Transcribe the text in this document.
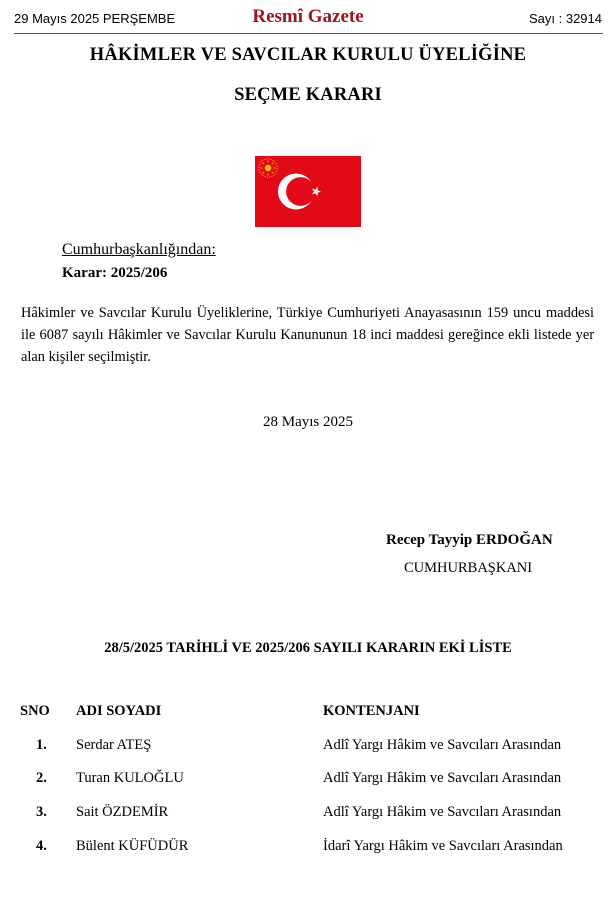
29 Mayıs 2025 PERŞEMBE	Resmî Gazete	Sayı : 32914
HÂKİMLER VE SAVCILAR KURULU ÜYELİĞİNE
SEÇME KARARI
Cumhurbaşkanlığından:
Karar: 2025/206
Hâkimler ve Savcılar Kurulu Üyeliklerine, Türkiye Cumhuriyeti Anayasasının 159 uncu maddesi ile 6087 sayılı Hâkimler ve Savcılar Kurulu Kanununun 18 inci maddesi gereğince ekli listede yer alan kişiler seçilmiştir.
28 Mayıs 2025
Recep Tayyip ERDOĞAN
CUMHURBAŞKANI
28/5/2025 TARİHLİ VE 2025/206 SAYILI KARARIN EKİ LİSTE
SNO ADI SOYADI	KONTENJANI
1. Serdar ATEŞ	Adlî Yargı Hâkim ve Savcıları Arasından
2. Turan KULOĞLU	Adlî Yargı Hâkim ve Savcıları Arasından
3. Sait ÖZDEMİR	Adlî Yargı Hâkim ve Savcıları Arasından
4. Bülent KÜFÜDÜR	İdarî Yargı Hâkim ve Savcıları Arasından
